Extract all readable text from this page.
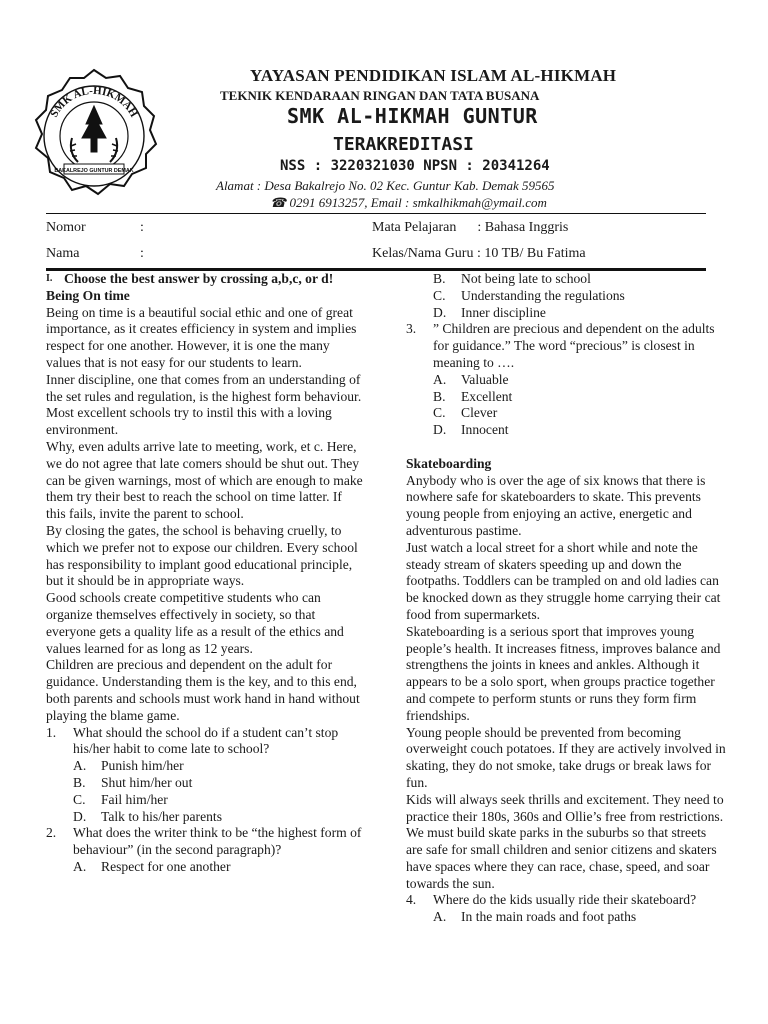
SMK AL-HIKMAH
BAKALREJO GUNTUR DEMAK
YAYASAN PENDIDIKAN ISLAM AL-HIKMAH
TEKNIK KENDARAAN RINGAN DAN TATA BUSANA
SMK AL-HIKMAH GUNTUR
TERAKREDITASI
NSS : 3220321030 NPSN : 20341264
Alamat : Desa Bakalrejo No. 02 Kec. Guntur Kab. Demak 59565
☎ 0291 6913257, Email : smkalhikmah@ymail.com
Nomor	:
Nama	:
Mata Pelajaran      : Bahasa Inggris
Kelas/Nama Guru : 10 TB/ Bu Fatima
I. Choose the best answer by crossing a,b,c, or d!

Being On time

Being on time is a beautiful social ethic and one of great importance, as it creates efficiency in system and implies respect for one another. However, it is one the many values that is not easy for our students to learn.

Inner discipline, one that comes from an understanding of the set rules and regulation, is the highest form behaviour. Most excellent schools try to instil this with a loving environment.

Why, even adults arrive late to meeting, work, et c. Here, we do not agree that late comers should be shut out. They can be given warnings, most of which are enough to make them try their best to reach the school on time latter. If this fails, invite the parent to school.

By closing the gates, the school is behaving cruelly, to which we prefer not to expose our children. Every school has responsibility to implant good educational principle, but it should be in appropriate ways.

Good schools create competitive students who can organize themselves effectively in society, so that everyone gets a quality life as a result of the ethics and values learned for as long as 12 years.

Children are precious and dependent on the adult for guidance. Understanding them is the key, and to this end, both parents and schools must work hand in hand without playing the blame game.

1.	What should the school do if a student can’t stop his/her habit to come late to school?
A.	Punish him/her
B.	Shut him/her out
C.	Fail him/her
D.	Talk to his/her parents
2.	What does the writer think to be “the highest form of behaviour” (in the second paragraph)?
A.	Respect for one another
B.	Not being late to school
C.	Understanding the regulations
D.	Inner discipline
3.	” Children are precious and dependent on the adults for guidance.” The word “precious” is closest in meaning to ….
A.	Valuable
B.	Excellent
C.	Clever
D.	Innocent

Skateboarding

Anybody who is over the age of six knows that there is nowhere safe for skateboarders to skate. This prevents young people from enjoying an active, energetic and adventurous pastime.

Just watch a local street for a short while and note the steady stream of skaters speeding up and down the footpaths. Toddlers can be trampled on and old ladies can be knocked down as they struggle home carrying their cat food from supermarkets.

Skateboarding is a serious sport that improves young people’s health. It increases fitness, improves balance and strengthens the joints in knees and ankles. Although it appears to be a solo sport, when groups practice together and compete to perform stunts or runs they form firm friendships.

Young people should be prevented from becoming overweight couch potatoes. If they are actively involved in skating, they do not smoke, take drugs or break laws for fun.

Kids will always seek thrills and excitement. They need to practice their 180s, 360s and Ollie’s free from restrictions. We must build skate parks in the suburbs so that streets are safe for small children and senior citizens and skaters have spaces where they can race, chase, speed, and soar towards the sun.

4.	Where do the kids usually ride their skateboard?
A.	In the main roads and foot paths
